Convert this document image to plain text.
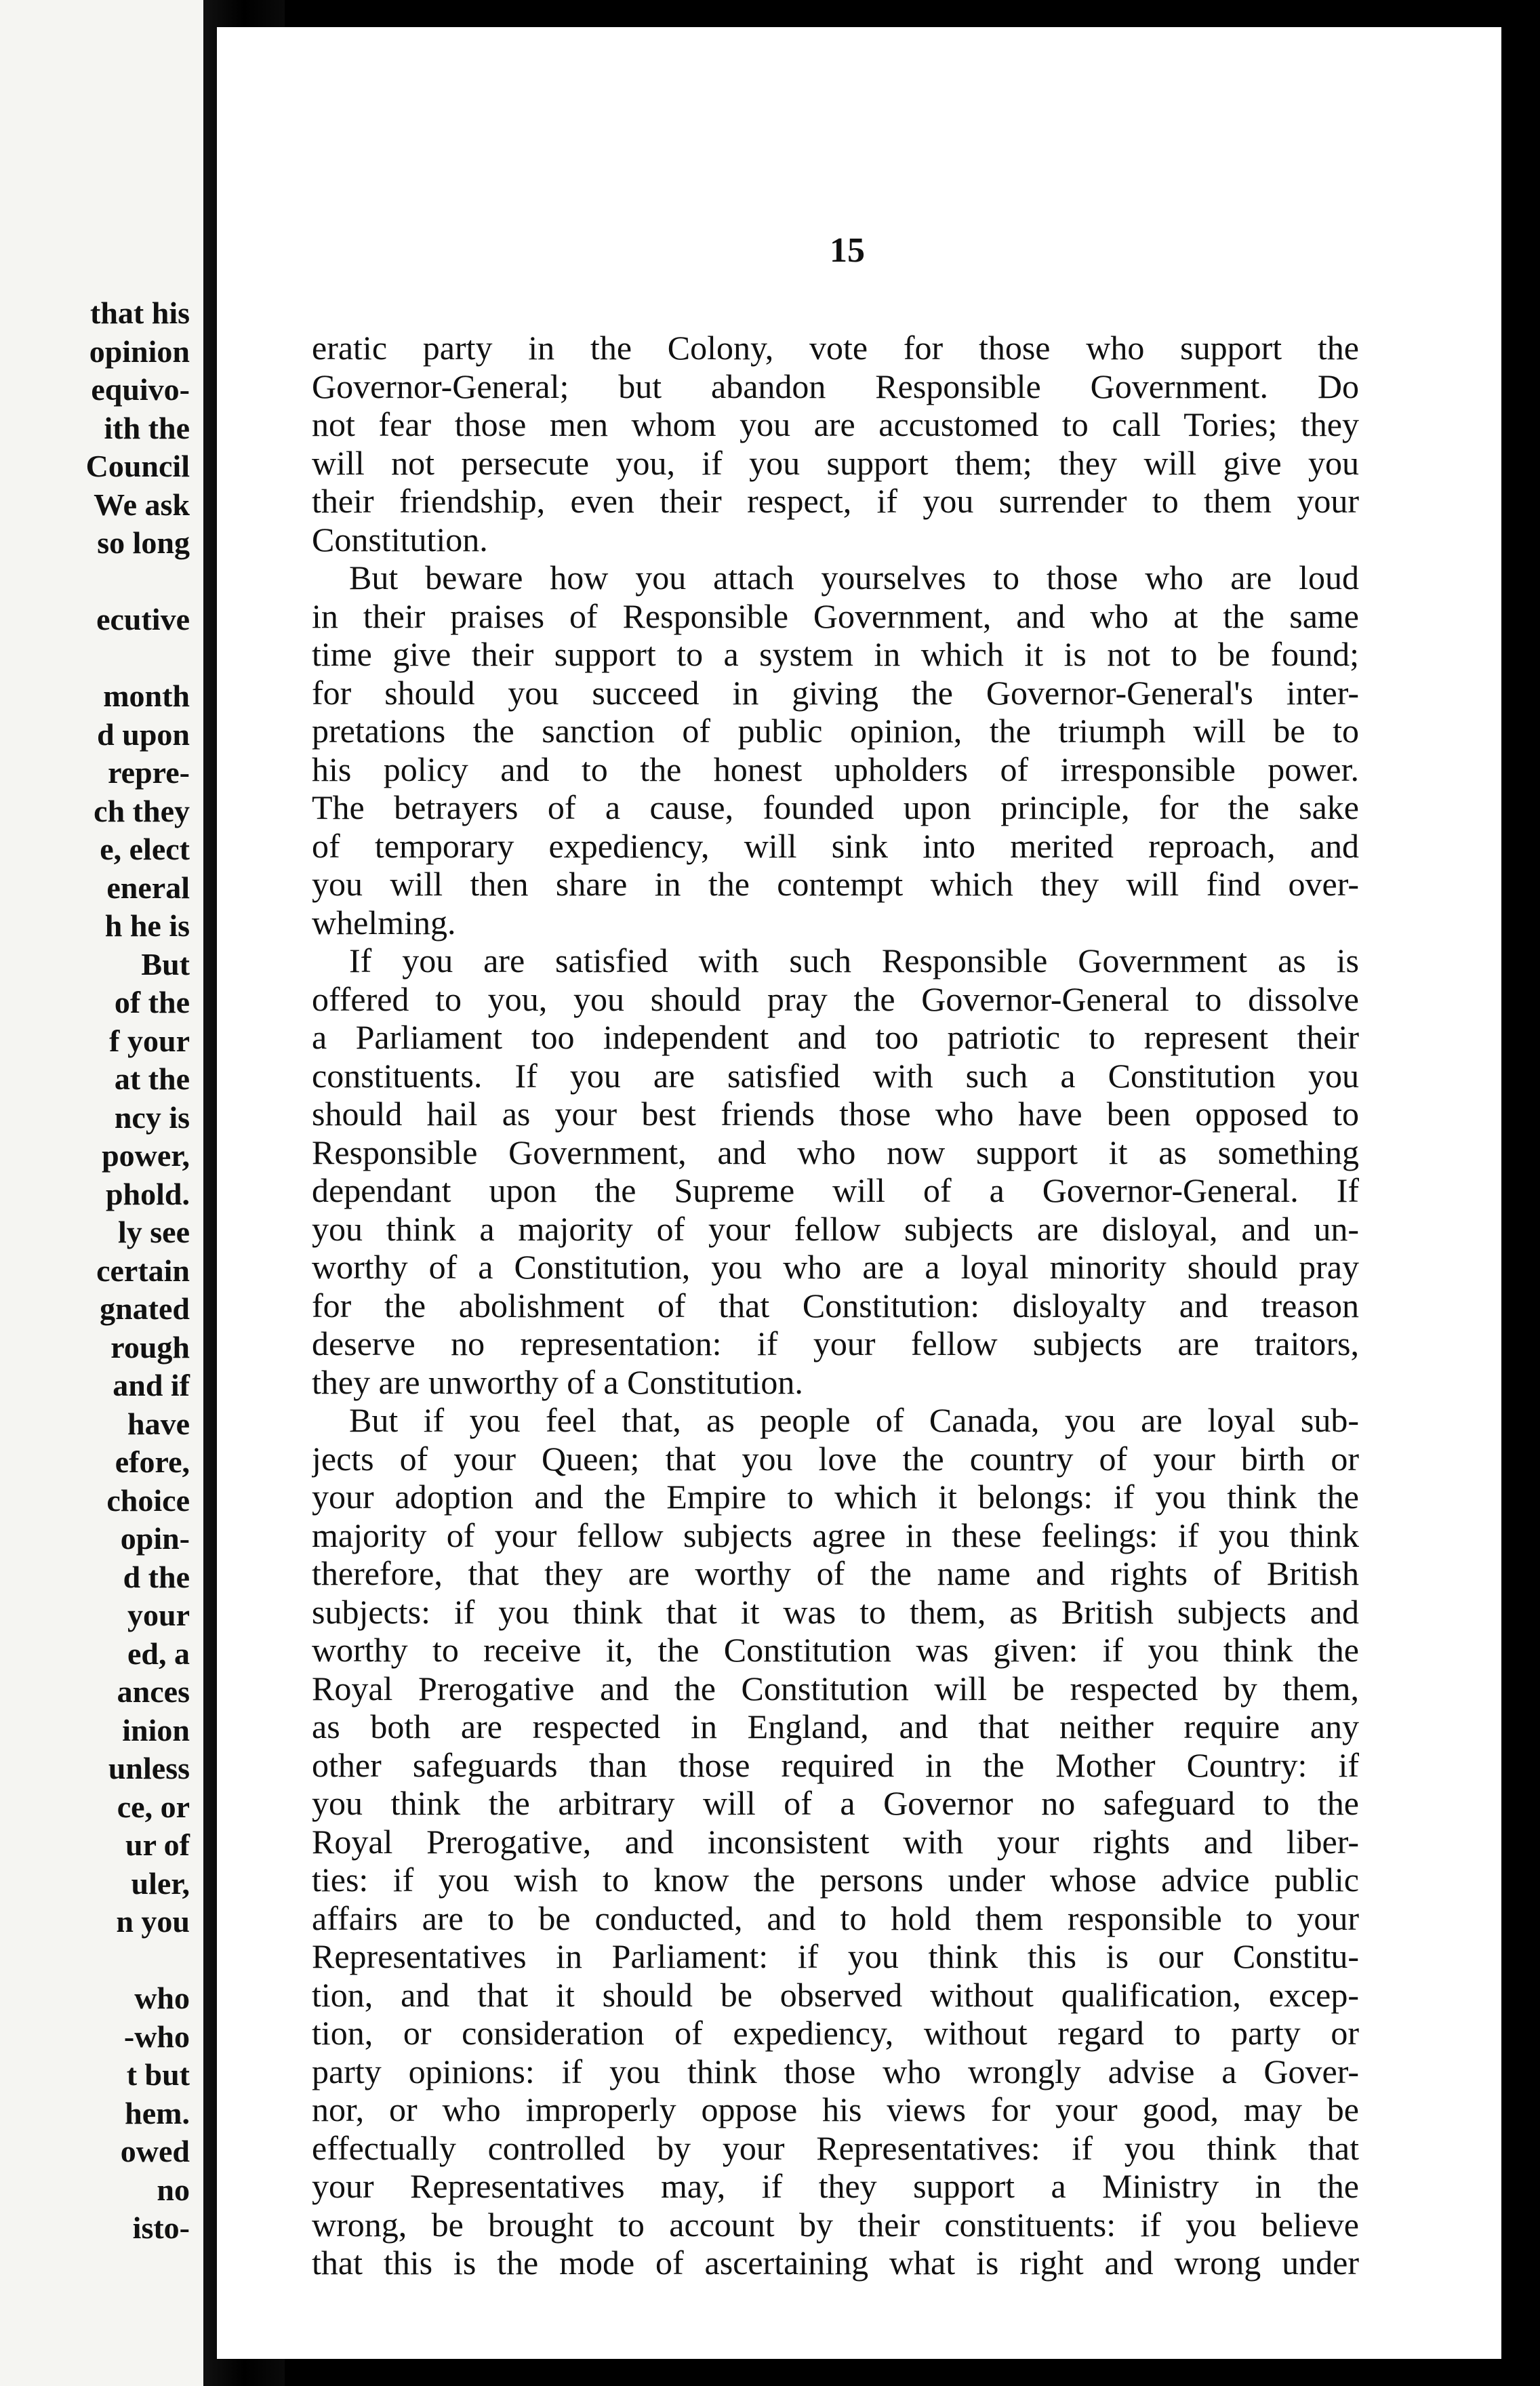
that his
opinion
equivo-
ith the
Council
We ask
so long
ecutive
month
d upon
repre-
ch they
e, elect
eneral
h he is
But
of the
f your
at the
ncy is
power,
phold.
ly see
certain
gnated
rough
and if
have
efore,
choice
opin-
d the
your
ed, a
ances
inion
unless
ce, or
ur of
uler,
n you
who
-who
t but
hem.
owed
no
isto-
15
eratic party in the Colony, vote for those who support the
Governor-General; but abandon Responsible Government. Do
not fear those men whom you are accustomed to call Tories; they
will not persecute you, if you support them; they will give you
their friendship, even their respect, if you surrender to them your
Constitution.
But beware how you attach yourselves to those who are loud
in their praises of Responsible Government, and who at the same
time give their support to a system in which it is not to be found;
for should you succeed in giving the Governor-General's inter-
pretations the sanction of public opinion, the triumph will be to
his policy and to the honest upholders of irresponsible power.
The betrayers of a cause, founded upon principle, for the sake
of temporary expediency, will sink into merited reproach, and
you will then share in the contempt which they will find over-
whelming.
If you are satisfied with such Responsible Government as is
offered to you, you should pray the Governor-General to dissolve
a Parliament too independent and too patriotic to represent their
constituents. If you are satisfied with such a Constitution you
should hail as your best friends those who have been opposed to
Responsible Government, and who now support it as something
dependant upon the Supreme will of a Governor-General. If
you think a majority of your fellow subjects are disloyal, and un-
worthy of a Constitution, you who are a loyal minority should pray
for the abolishment of that Constitution: disloyalty and treason
deserve no representation: if your fellow subjects are traitors,
they are unworthy of a Constitution.
But if you feel that, as people of Canada, you are loyal sub-
jects of your Queen; that you love the country of your birth or
your adoption and the Empire to which it belongs: if you think the
majority of your fellow subjects agree in these feelings: if you think
therefore, that they are worthy of the name and rights of British
subjects: if you think that it was to them, as British subjects and
worthy to receive it, the Constitution was given: if you think the
Royal Prerogative and the Constitution will be respected by them,
as both are respected in England, and that neither require any
other safeguards than those required in the Mother Country: if
you think the arbitrary will of a Governor no safeguard to the
Royal Prerogative, and inconsistent with your rights and liber-
ties: if you wish to know the persons under whose advice public
affairs are to be conducted, and to hold them responsible to your
Representatives in Parliament: if you think this is our Constitu-
tion, and that it should be observed without qualification, excep-
tion, or consideration of expediency, without regard to party or
party opinions: if you think those who wrongly advise a Gover-
nor, or who improperly oppose his views for your good, may be
effectually controlled by your Representatives: if you think that
your Representatives may, if they support a Ministry in the
wrong, be brought to account by their constituents: if you believe
that this is the mode of ascertaining what is right and wrong under
